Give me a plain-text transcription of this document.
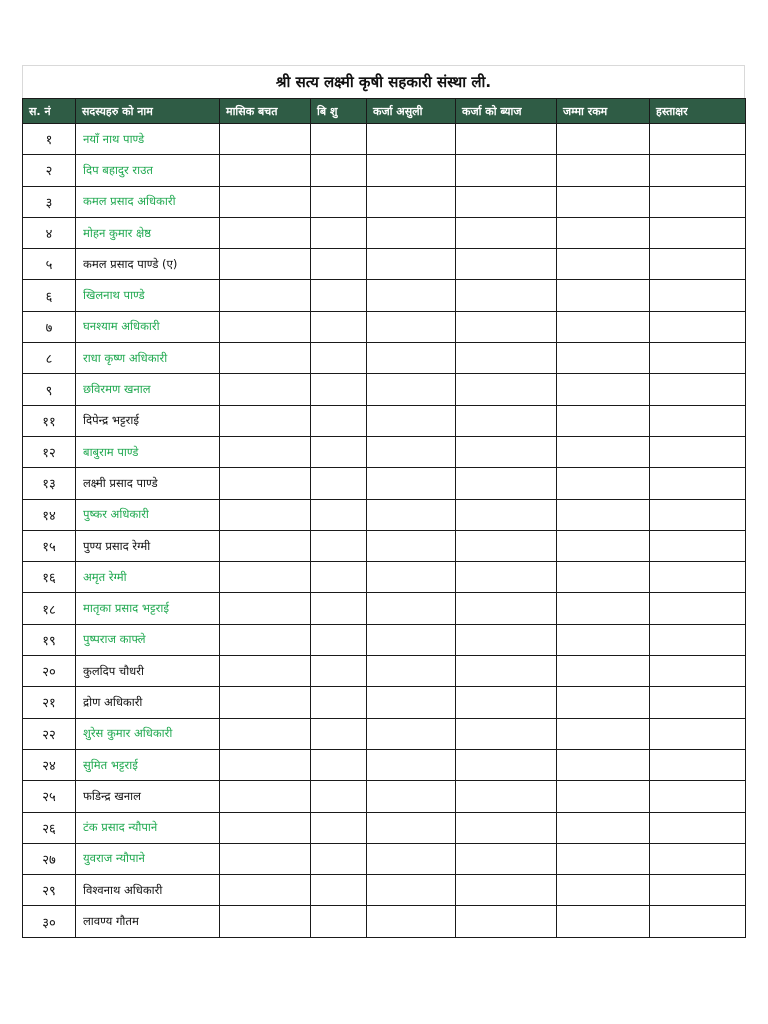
श्री सत्य लक्ष्मी कृषी सहकारी संस्था ली.
स. नं	सदस्यहरु को नाम	मासिक बचत	बि शु	कर्जा असुली	कर्जा को ब्याज	जम्मा रकम	हस्ताक्षर
१	नयाँ नाथ पाण्डे						
२	दिप बहादुर राउत						
३	कमल प्रसाद अधिकारी						
४	मोहन कुमार क्षेष्ठ						
५	कमल प्रसाद पाण्डे (ए)						
६	खिलनाथ पाण्डे						
७	घनश्याम अधिकारी						
८	राधा कृष्ण अधिकारी						
९	छविरमण खनाल						
११	दिपेन्द्र भट्टराई						
१२	बाबुराम पाण्डे						
१३	लक्ष्मी प्रसाद पाण्डे						
१४	पुष्कर अधिकारी						
१५	पुण्य प्रसाद रेग्मी						
१६	अमृत रेग्मी						
१८	मातृका प्रसाद भट्टराई						
१९	पुष्पराज काफ्ले						
२०	कुलदिप चौधरी						
२१	द्रोण अधिकारी						
२२	शुरेस कुमार अधिकारी						
२४	सुमित भट्टराई						
२५	फडिन्द्र खनाल						
२६	टंक प्रसाद न्यौपाने						
२७	युवराज न्यौपाने						
२९	विश्वनाथ अधिकारी						
३०	लावण्य गौतम						
